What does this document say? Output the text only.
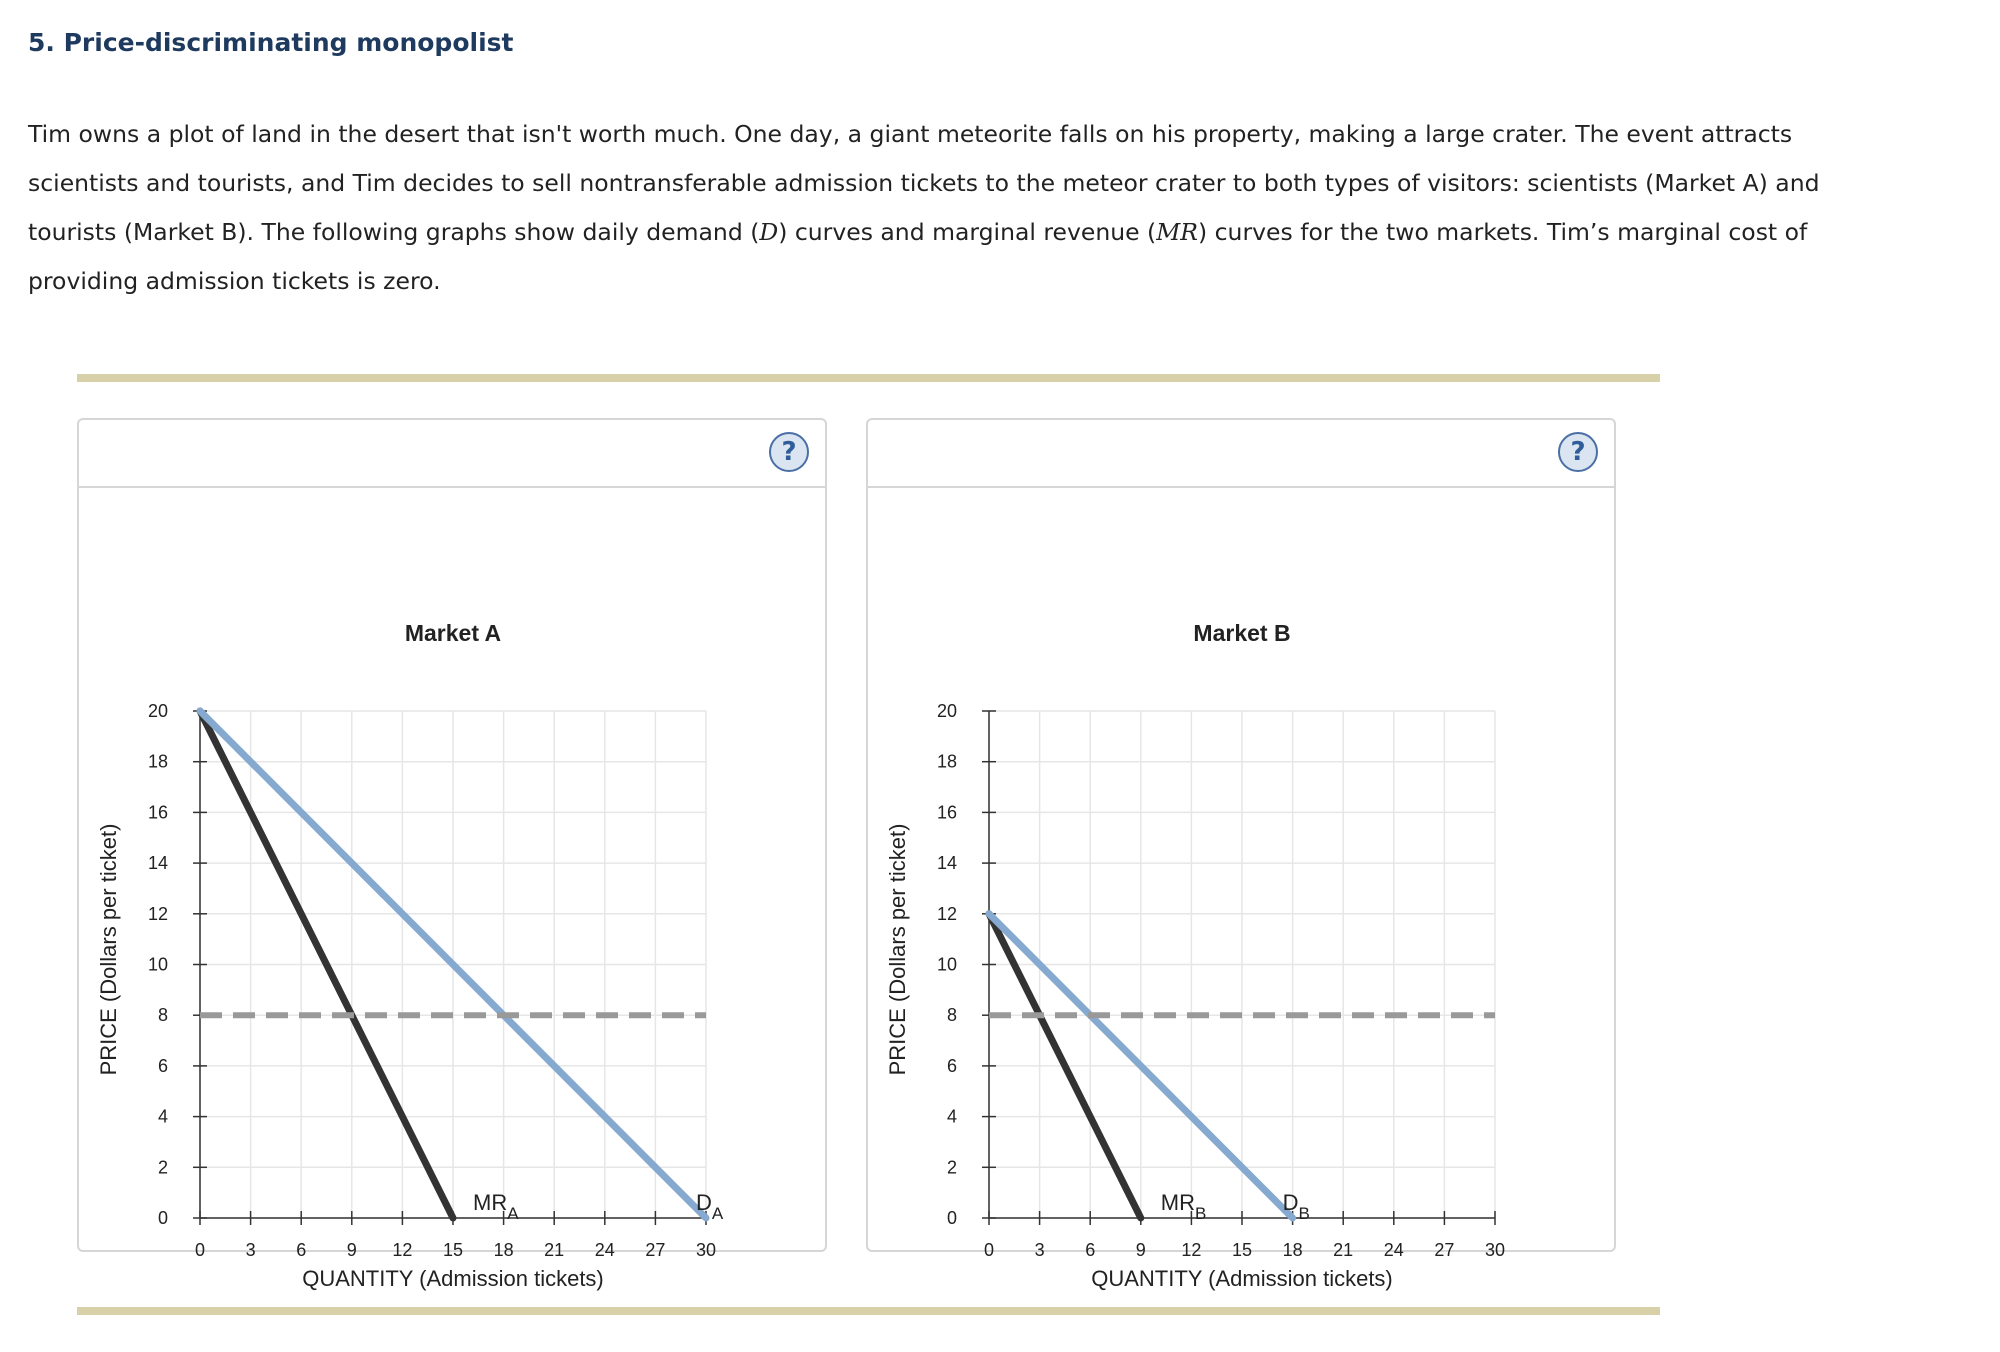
5. Price-discriminating monopolist

Tim owns a plot of land in the desert that isn't worth much. One day, a giant meteorite falls on his property, making a large crater. The event attracts scientists and tourists, and Tim decides to sell nontransferable admission tickets to the meteor crater to both types of visitors: scientists (Market A) and tourists (Market B). The following graphs show daily demand (D) curves and marginal revenue (MR) curves for the two markets. Tim’s marginal cost of providing admission tickets is zero.

?
Market A
0 3 6 9 12 15 18 21 24 27 30
0
2
4
6
8
10
12
14
16
18
20
QUANTITY (Admission tickets)
PRICE (Dollars per ticket)
$MR_A$	$D_A$
?
Market B
0 3 6 9 12 15 18 21 24 27 30
0
2
4
6
8
10
12
14
16
18
20
QUANTITY (Admission tickets)
PRICE (Dollars per ticket)
$MR_B$	$D_B$
